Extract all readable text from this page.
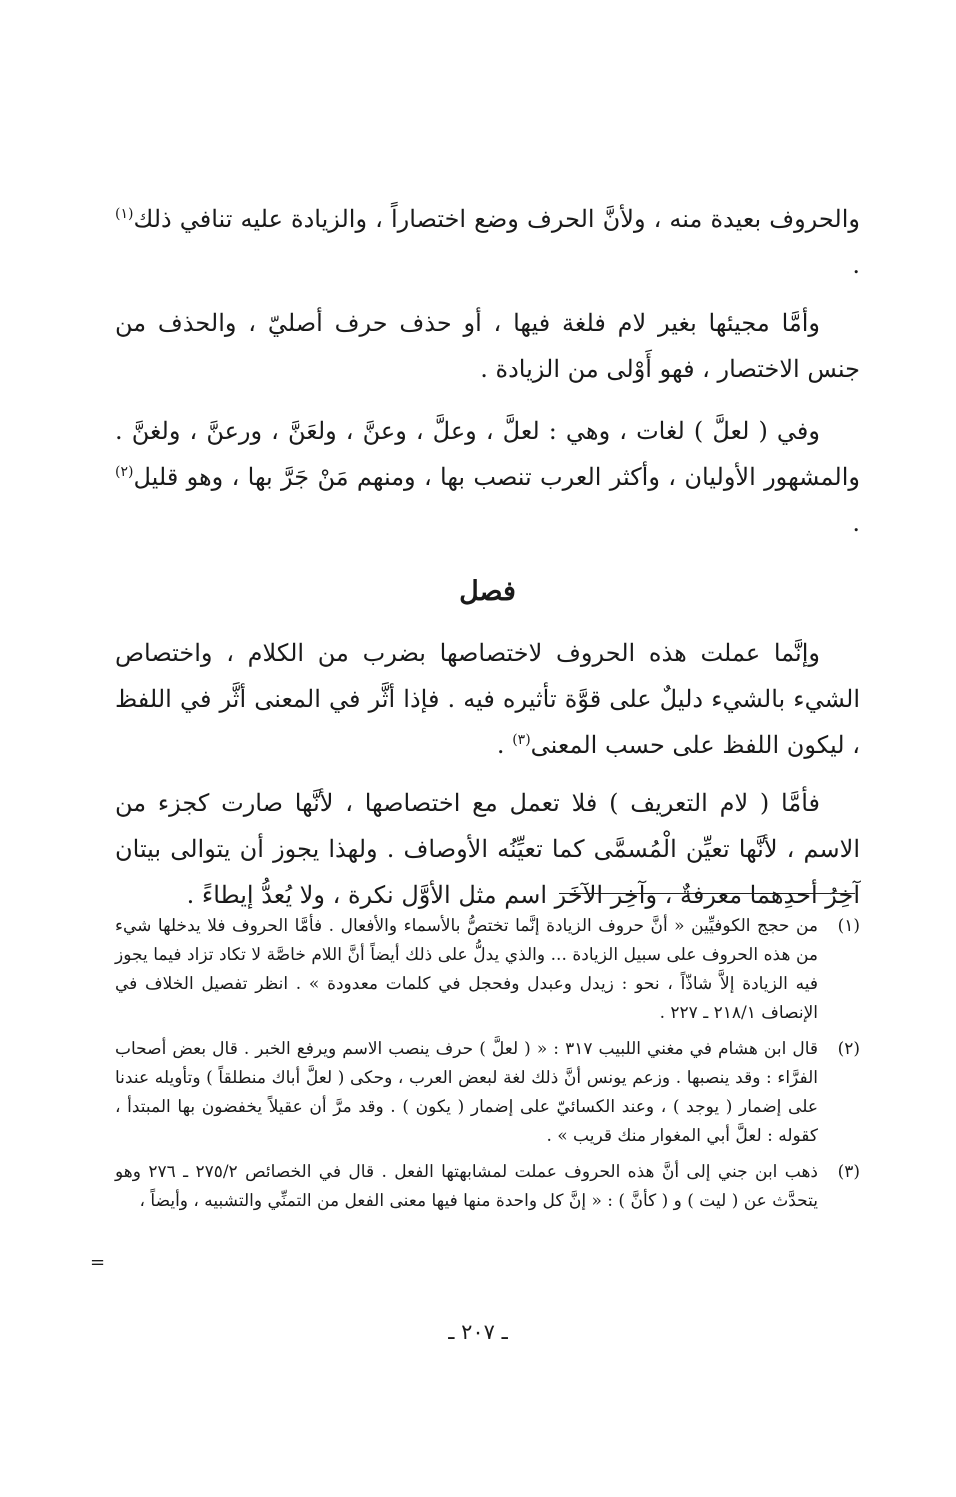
والحروف بعيدة منه ، ولأنَّ الحرف وضع اختصاراً ، والزيادة عليه تنافي ذلك$^{(١)}$ .

وأمَّا مجيئها بغير لام فلغة فيها ، أو حذف حرف أصليّ ، والحذف من جنس الاختصار ، فهو أَوْلى من الزيادة .

وفي ( لعلَّ ) لغات ، وهي : لعلَّ ، وعلَّ ، وعنَّ ، ولعَنَّ ، ورعنَّ ، ولغنَّ . والمشهور الأوليان ، وأكثر العرب تنصب بها ، ومنهم مَنْ جَرَّ بها ، وهو قليل$^{(٢)}$ .

فصل

وإنَّما عملت هذه الحروف لاختصاصها بضرب من الكلام ، واختصاص الشيء بالشيء دليلٌ على قوَّة تأثيره فيه . فإذا أثَّر في المعنى أثَّر في اللفظ ، ليكون اللفظ على حسب المعنى$^{(٣)}$ .

فأمَّا ( لام التعريف ) فلا تعمل مع اختصاصها ، لأنَّها صارت كجزء من الاسم ، لأنَّها تعيِّن الْمُسمَّى كما تعيِّنُه الأوصاف . ولهذا يجوز أن يتوالى بيتان آخِرُ أحدِهما معرفةٌ ، وآخِر الآخَر اسم مثل الأوَّل نكرة ، ولا يُعدُّ إيطاءً .

(١)
من حجج الكوفيِّين « أنَّ حروف الزيادة إنَّما تختصُّ بالأسماء والأفعال . فأمَّا الحروف فلا يدخلها شيء من هذه الحروف على سبيل الزيادة ... والذي يدلُّ على ذلك أيضاً أنَّ اللام خاصَّة لا تكاد تزاد فيما يجوز فيه الزيادة إلاَّ شاذّاً ، نحو : زيدل وعبدل وفحجل في كلمات معدودة » . انظر تفصيل الخلاف في الإنصاف ٢١٨/١ ـ ٢٢٧ .
(٢)
قال ابن هشام في مغني اللبيب ٣١٧ : « ( لعلَّ ) حرف ينصب الاسم ويرفع الخبر . قال بعض أصحاب الفرَّاء : وقد ينصبها . وزعم يونس أنَّ ذلك لغة لبعض العرب ، وحكى ( لعلَّ أباك منطلقاً ) وتأويله عندنا على إضمار ( يوجد ) ، وعند الكسائيّ على إضمار ( يكون ) . وقد مرَّ أن عقيلاً يخفضون بها المبتدأ ، كقوله : لعلَّ أبي المغوار منك قريب » .
(٣)
ذهب ابن جني إلى أنَّ هذه الحروف عملت لمشابهتها الفعل . قال في الخصائص ٢٧٥/٢ ـ ٢٧٦ وهو يتحدَّث عن ( ليت ) و ( كأنَّ ) : « إنَّ كل واحدة منها فيها معنى الفعل من التمنِّي والتشبيه ، وأيضاً ،
=
ـ ٢٠٧ ـ
